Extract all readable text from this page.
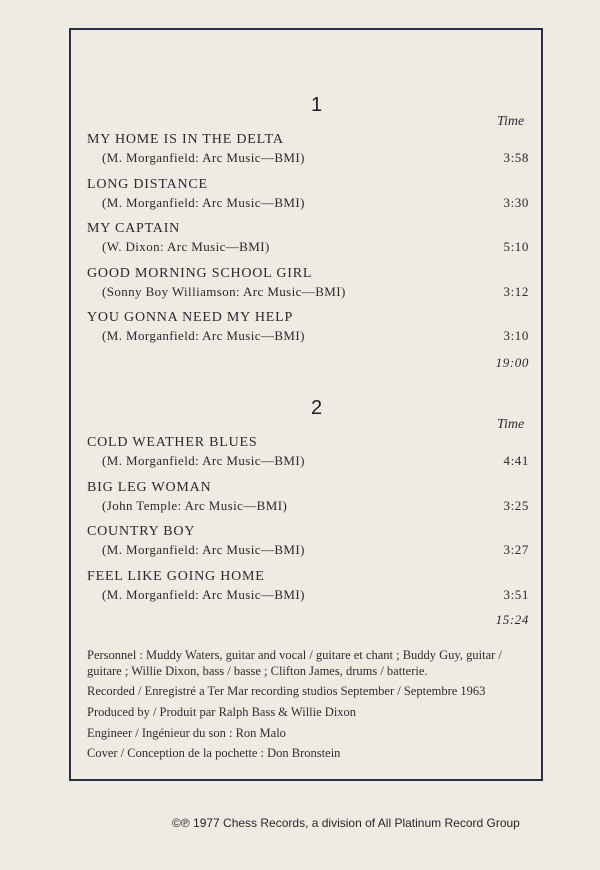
1
Time
MY HOME IS IN THE DELTA
(M. Morganfield: Arc Music—BMI)	3:58
LONG DISTANCE
(M. Morganfield: Arc Music—BMI)	3:30
MY CAPTAIN
(W. Dixon: Arc Music—BMI)	5:10
GOOD MORNING SCHOOL GIRL
(Sonny Boy Williamson: Arc Music—BMI)	3:12
YOU GONNA NEED MY HELP
(M. Morganfield: Arc Music—BMI)	3:10
19:00
2
Time
COLD WEATHER BLUES
(M. Morganfield: Arc Music—BMI)	4:41
BIG LEG WOMAN
(John Temple: Arc Music—BMI)	3:25
COUNTRY BOY
(M. Morganfield: Arc Music—BMI)	3:27
FEEL LIKE GOING HOME
(M. Morganfield: Arc Music—BMI)	3:51
15:24
Personnel : Muddy Waters, guitar and vocal / guitare et chant ; Buddy Guy, guitar / guitare ; Willie Dixon, bass / basse ; Clifton James, drums / batterie.
Recorded / Enregistré a Ter Mar recording studios September / Septembre 1963
Produced by / Produit par Ralph Bass & Willie Dixon
Engineer / Ingénieur du son : Ron Malo
Cover / Conception de la pochette : Don Bronstein
©℗ 1977 Chess Records, a division of All Platinum Record Group
